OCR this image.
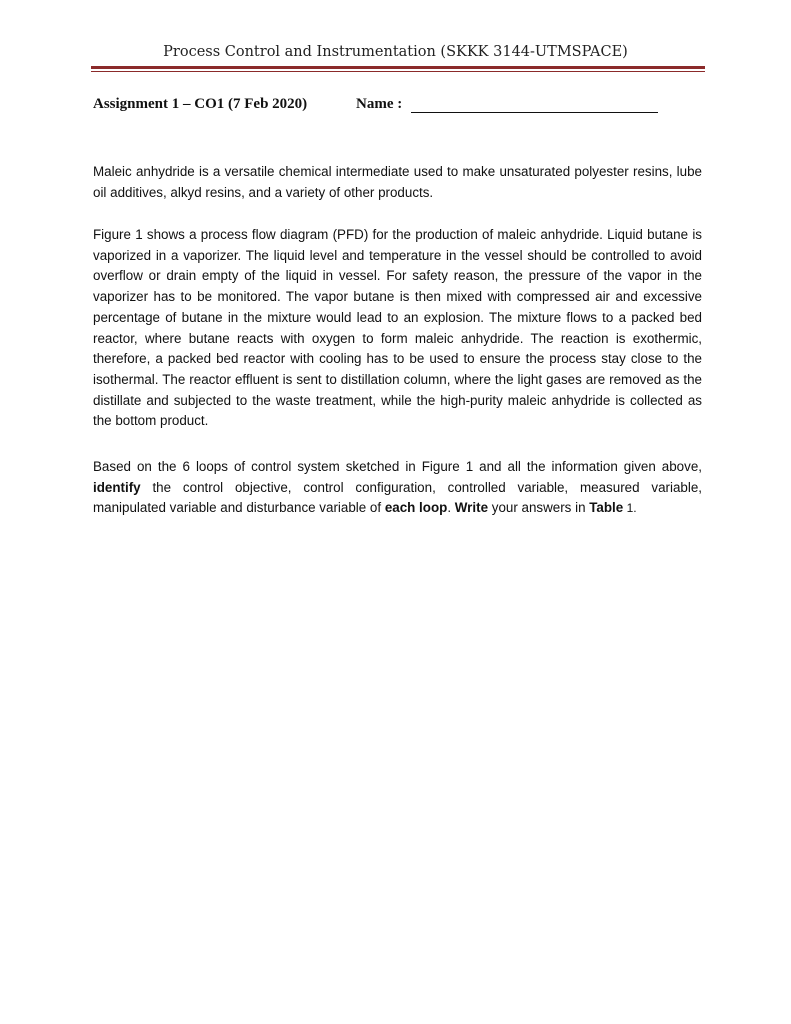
Process Control and Instrumentation (SKKK 3144-UTMSPACE)
Assignment 1 – CO1 (7 Feb 2020)	Name :

Maleic anhydride is a versatile chemical intermediate used to make unsaturated polyester resins, lube oil additives, alkyd resins, and a variety of other products.

Figure 1 shows a process flow diagram (PFD) for the production of maleic anhydride. Liquid butane is vaporized in a vaporizer. The liquid level and temperature in the vessel should be controlled to avoid overflow or drain empty of the liquid in vessel. For safety reason, the pressure of the vapor in the vaporizer has to be monitored. The vapor butane is then mixed with compressed air and excessive percentage of butane in the mixture would lead to an explosion. The mixture flows to a packed bed reactor, where butane reacts with oxygen to form maleic anhydride. The reaction is exothermic, therefore, a packed bed reactor with cooling has to be used to ensure the process stay close to the isothermal. The reactor effluent is sent to distillation column, where the light gases are removed as the distillate and subjected to the waste treatment, while the high-purity maleic anhydride is collected as the bottom product.

Based on the 6 loops of control system sketched in Figure 1 and all the information given above, identify the control objective, control configuration, controlled variable, measured variable, manipulated variable and disturbance variable of each loop. Write your answers in Table 1.
